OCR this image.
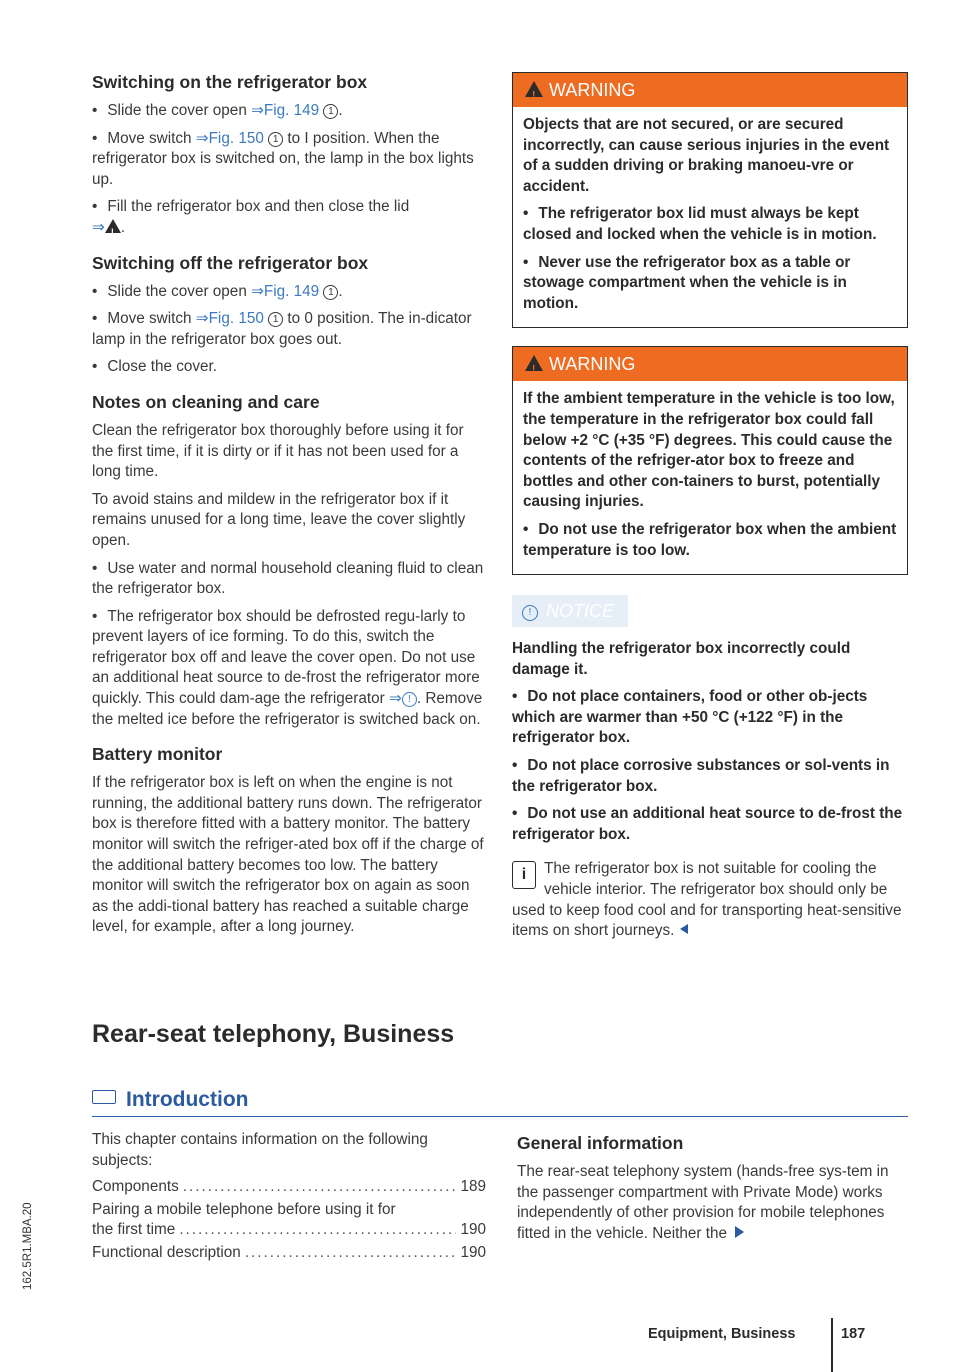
Switching on the refrigerator box

• Slide the cover open ⇒Fig. 149 1 .

• Move switch ⇒Fig. 150 1 to I position. When the refrigerator box is switched on, the lamp in the box lights up.

• Fill the refrigerator box and then close the lid
⇒ ! .

Switching off the refrigerator box

• Slide the cover open ⇒Fig. 149 1 .

• Move switch ⇒Fig. 150 1 to 0 position. The in-dicator lamp in the refrigerator box goes out.

• Close the cover.

Notes on cleaning and care

Clean the refrigerator box thoroughly before using it for the first time, if it is dirty or if it has not been used for a long time.

To avoid stains and mildew in the refrigerator box if it remains unused for a long time, leave the cover slightly open.

• Use water and normal household cleaning fluid to clean the refrigerator box.

• The refrigerator box should be defrosted regu-larly to prevent layers of ice forming. To do this, switch the refrigerator box off and leave the cover open. Do not use an additional heat source to de-frost the refrigerator more quickly. This could dam-age the refrigerator ⇒ ! . Remove the melted ice before the refrigerator is switched back on.

Battery monitor

If the refrigerator box is left on when the engine is not running, the additional battery runs down. The refrigerator box is therefore fitted with a battery monitor. The battery monitor will switch the refriger-ated box off if the charge of the additional battery becomes too low. The battery monitor will switch the refrigerator box on again as soon as the addi-tional battery has reached a suitable charge level, for example, after a long journey.

!WARNING

Objects that are not secured, or are secured incorrectly, can cause serious injuries in the event of a sudden driving or braking manoeu-vre or accident.

• The refrigerator box lid must always be kept closed and locked when the vehicle is in motion.

• Never use the refrigerator box as a table or stowage compartment when the vehicle is in motion.

!WARNING

If the ambient temperature in the vehicle is too low, the temperature in the refrigerator box could fall below +2 °C (+35 °F) degrees. This could cause the contents of the refriger-ator box to freeze and bottles and other con-tainers to burst, potentially causing injuries.

• Do not use the refrigerator box when the ambient temperature is too low.

! NOTICE

Handling the refrigerator box incorrectly could damage it.

• Do not place containers, food or other ob-jects which are warmer than +50 °C (+122 °F) in the refrigerator box.

• Do not place corrosive substances or sol-vents in the refrigerator box.

• Do not use an additional heat source to de-frost the refrigerator box.

i	The refrigerator box is not suitable for cooling the vehicle interior. The refrigerator box should only be used to keep food cool and for transporting heat-sensitive items on short journeys.

Rear-seat telephony, Business
Introduction

This chapter contains information on the following subjects:

Components .....	189
Pairing a mobile telephone before using it for
the first time .....	190
Functional description .....	190
General information

The rear-seat telephony system (hands-free sys-tem in the passenger compartment with Private Mode) works independently of other provision for mobile telephones fitted in the vehicle. Neither the

Equipment, Business	187
162.5R1.MBA.20
